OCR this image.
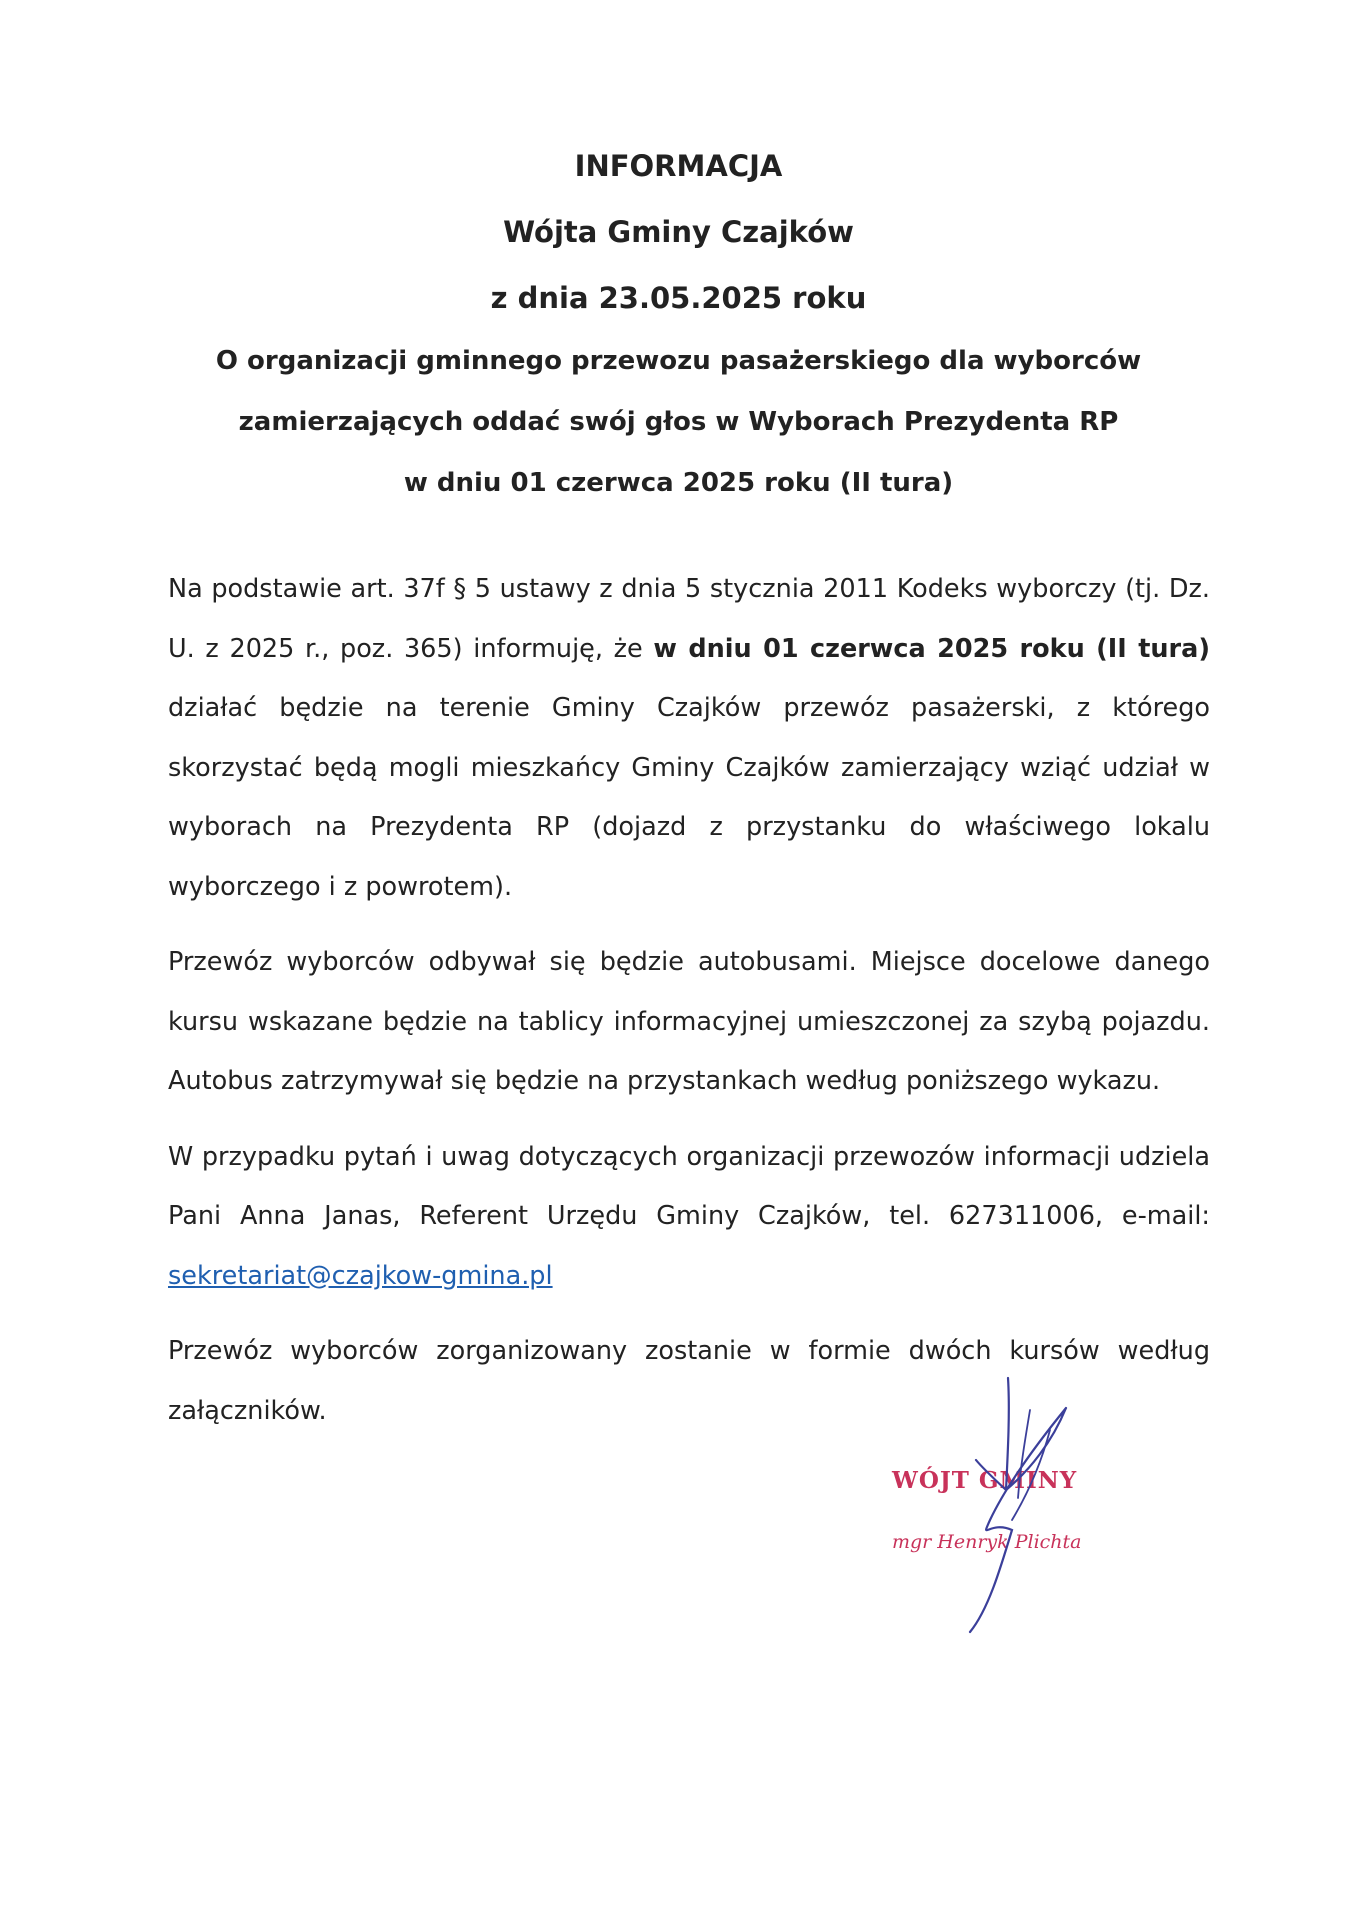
INFORMACJA
Wójta Gminy Czajków
z dnia 23.05.2025 roku
O organizacji gminnego przewozu pasażerskiego dla wyborców
zamierzających oddać swój głos w Wyborach Prezydenta RP
w dniu 01 czerwca 2025 roku (II tura)

Na podstawie art. 37f § 5 ustawy z dnia 5 stycznia 2011 Kodeks wyborczy (tj. Dz. U. z 2025 r., poz. 365) informuję, że w dniu 01 czerwca 2025 roku (II tura) działać będzie na terenie Gminy Czajków przewóz pasażerski, z którego skorzystać będą mogli mieszkańcy Gminy Czajków zamierzający wziąć udział w wyborach na Prezydenta RP (dojazd z przystanku do właściwego lokalu wyborczego i z powrotem).

Przewóz wyborców odbywał się będzie autobusami. Miejsce docelowe danego kursu wskazane będzie na tablicy informacyjnej umieszczonej za szybą pojazdu. Autobus zatrzymywał się będzie na przystankach według poniższego wykazu.

W przypadku pytań i uwag dotyczących organizacji przewozów informacji udziela Pani Anna Janas, Referent Urzędu Gminy Czajków, tel. 627311006, e-mail: sekretariat@czajkow-gmina.pl

Przewóz wyborców zorganizowany zostanie w formie dwóch kursów według załączników.

WÓJT GMINY
mgr Henryk Plichta
